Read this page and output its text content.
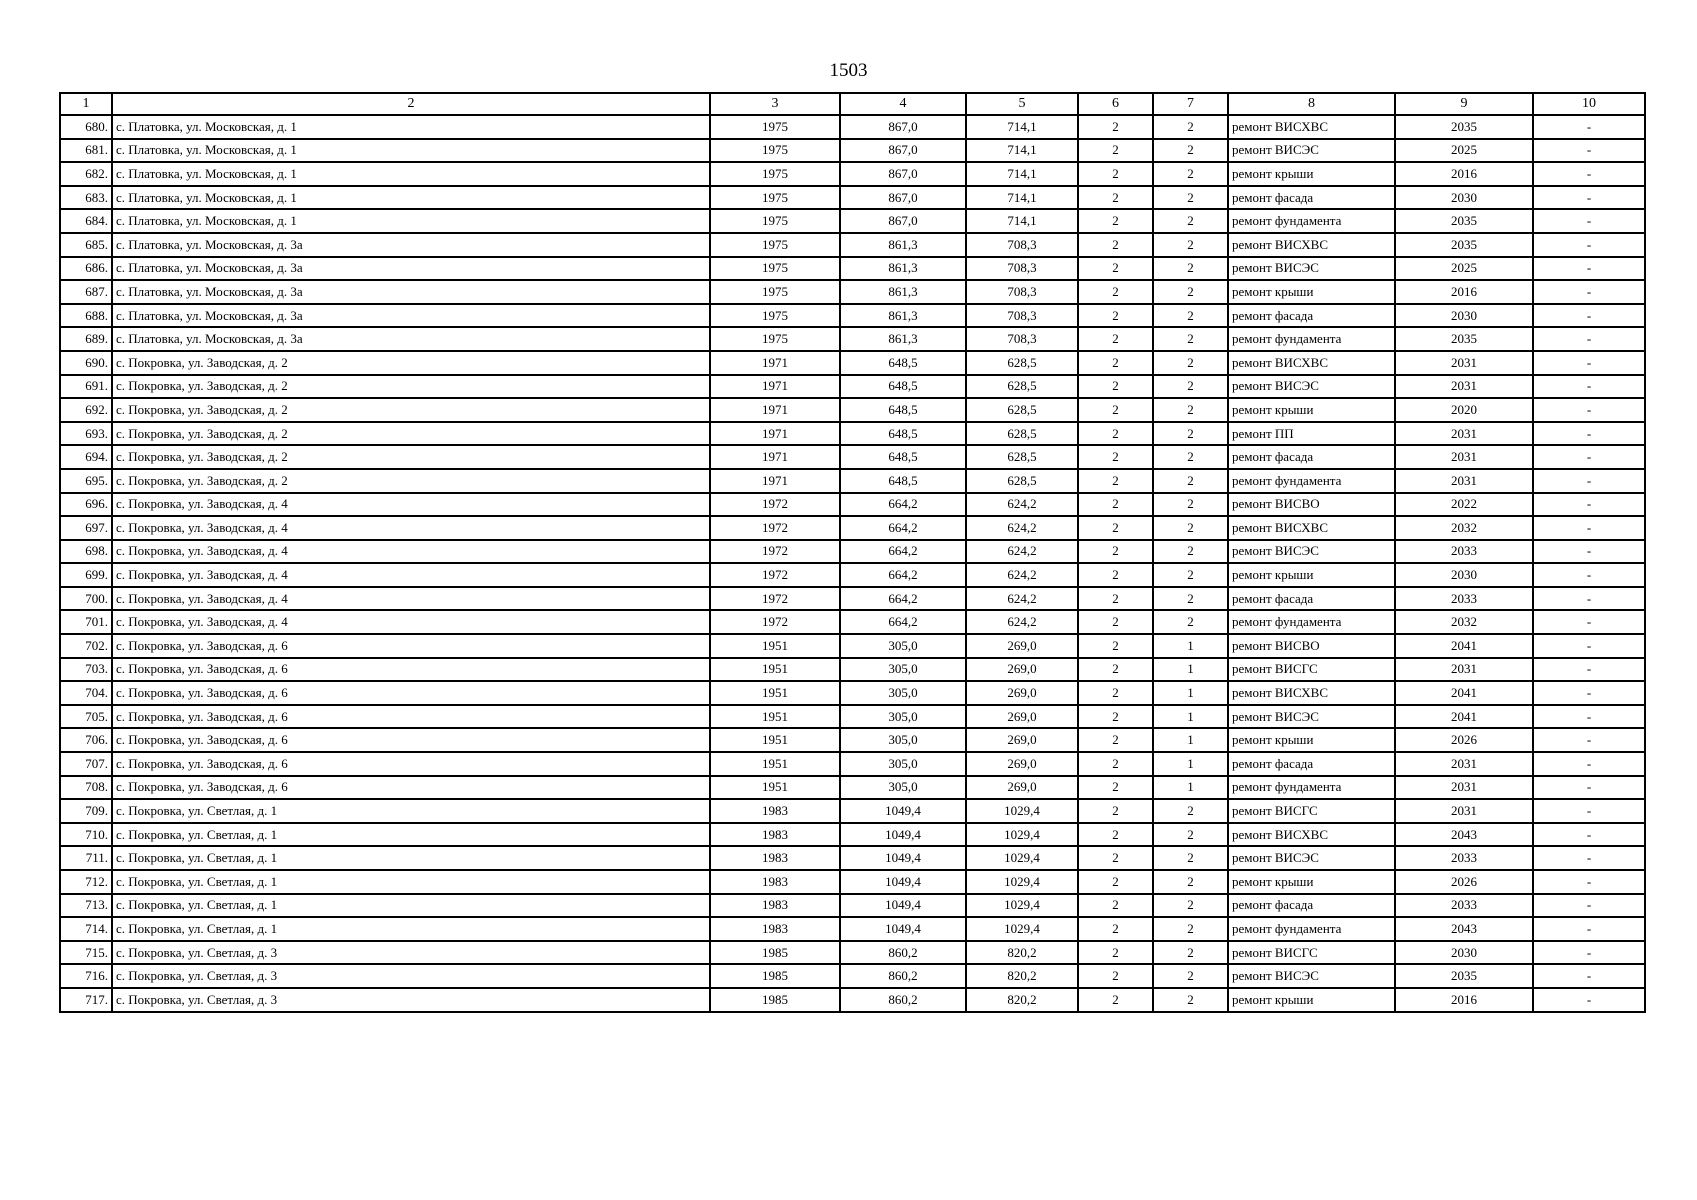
1503
1	2	3	4	5	6	7	8	9	10
680.	с. Платовка, ул. Московская, д. 1	1975	867,0	714,1	2	2	ремонт ВИСХВС	2035	-
681.	с. Платовка, ул. Московская, д. 1	1975	867,0	714,1	2	2	ремонт ВИСЭС	2025	-
682.	с. Платовка, ул. Московская, д. 1	1975	867,0	714,1	2	2	ремонт крыши	2016	-
683.	с. Платовка, ул. Московская, д. 1	1975	867,0	714,1	2	2	ремонт фасада	2030	-
684.	с. Платовка, ул. Московская, д. 1	1975	867,0	714,1	2	2	ремонт фундамента	2035	-
685.	с. Платовка, ул. Московская, д. 3а	1975	861,3	708,3	2	2	ремонт ВИСХВС	2035	-
686.	с. Платовка, ул. Московская, д. 3а	1975	861,3	708,3	2	2	ремонт ВИСЭС	2025	-
687.	с. Платовка, ул. Московская, д. 3а	1975	861,3	708,3	2	2	ремонт крыши	2016	-
688.	с. Платовка, ул. Московская, д. 3а	1975	861,3	708,3	2	2	ремонт фасада	2030	-
689.	с. Платовка, ул. Московская, д. 3а	1975	861,3	708,3	2	2	ремонт фундамента	2035	-
690.	с. Покровка, ул. Заводская, д. 2	1971	648,5	628,5	2	2	ремонт ВИСХВС	2031	-
691.	с. Покровка, ул. Заводская, д. 2	1971	648,5	628,5	2	2	ремонт ВИСЭС	2031	-
692.	с. Покровка, ул. Заводская, д. 2	1971	648,5	628,5	2	2	ремонт крыши	2020	-
693.	с. Покровка, ул. Заводская, д. 2	1971	648,5	628,5	2	2	ремонт ПП	2031	-
694.	с. Покровка, ул. Заводская, д. 2	1971	648,5	628,5	2	2	ремонт фасада	2031	-
695.	с. Покровка, ул. Заводская, д. 2	1971	648,5	628,5	2	2	ремонт фундамента	2031	-
696.	с. Покровка, ул. Заводская, д. 4	1972	664,2	624,2	2	2	ремонт ВИСВО	2022	-
697.	с. Покровка, ул. Заводская, д. 4	1972	664,2	624,2	2	2	ремонт ВИСХВС	2032	-
698.	с. Покровка, ул. Заводская, д. 4	1972	664,2	624,2	2	2	ремонт ВИСЭС	2033	-
699.	с. Покровка, ул. Заводская, д. 4	1972	664,2	624,2	2	2	ремонт крыши	2030	-
700.	с. Покровка, ул. Заводская, д. 4	1972	664,2	624,2	2	2	ремонт фасада	2033	-
701.	с. Покровка, ул. Заводская, д. 4	1972	664,2	624,2	2	2	ремонт фундамента	2032	-
702.	с. Покровка, ул. Заводская, д. 6	1951	305,0	269,0	2	1	ремонт ВИСВО	2041	-
703.	с. Покровка, ул. Заводская, д. 6	1951	305,0	269,0	2	1	ремонт ВИСГС	2031	-
704.	с. Покровка, ул. Заводская, д. 6	1951	305,0	269,0	2	1	ремонт ВИСХВС	2041	-
705.	с. Покровка, ул. Заводская, д. 6	1951	305,0	269,0	2	1	ремонт ВИСЭС	2041	-
706.	с. Покровка, ул. Заводская, д. 6	1951	305,0	269,0	2	1	ремонт крыши	2026	-
707.	с. Покровка, ул. Заводская, д. 6	1951	305,0	269,0	2	1	ремонт фасада	2031	-
708.	с. Покровка, ул. Заводская, д. 6	1951	305,0	269,0	2	1	ремонт фундамента	2031	-
709.	с. Покровка, ул. Светлая, д. 1	1983	1049,4	1029,4	2	2	ремонт ВИСГС	2031	-
710.	с. Покровка, ул. Светлая, д. 1	1983	1049,4	1029,4	2	2	ремонт ВИСХВС	2043	-
711.	с. Покровка, ул. Светлая, д. 1	1983	1049,4	1029,4	2	2	ремонт ВИСЭС	2033	-
712.	с. Покровка, ул. Светлая, д. 1	1983	1049,4	1029,4	2	2	ремонт крыши	2026	-
713.	с. Покровка, ул. Светлая, д. 1	1983	1049,4	1029,4	2	2	ремонт фасада	2033	-
714.	с. Покровка, ул. Светлая, д. 1	1983	1049,4	1029,4	2	2	ремонт фундамента	2043	-
715.	с. Покровка, ул. Светлая, д. 3	1985	860,2	820,2	2	2	ремонт ВИСГС	2030	-
716.	с. Покровка, ул. Светлая, д. 3	1985	860,2	820,2	2	2	ремонт ВИСЭС	2035	-
717.	с. Покровка, ул. Светлая, д. 3	1985	860,2	820,2	2	2	ремонт крыши	2016	-
